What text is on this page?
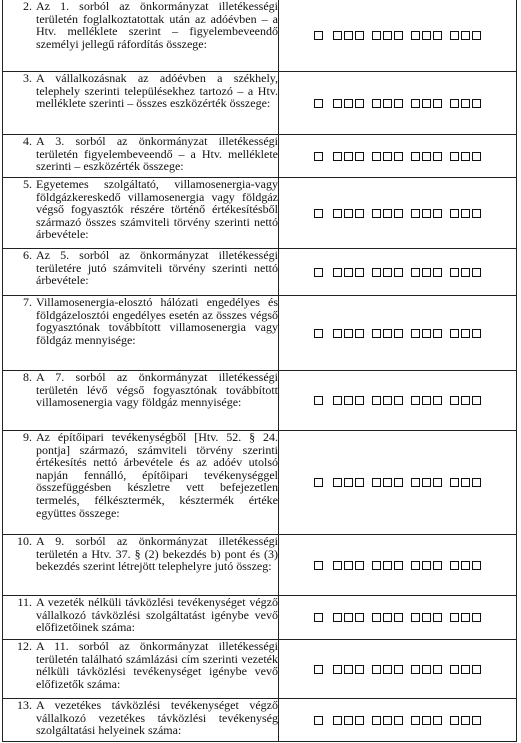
2. Az 1. sorból az önkormányzat illetékességi területén foglalkoztatottak után az adóévben – a Htv. melléklete szerint – figyelembeveendő személyi jellegű ráfordítás összege:
3. A vállalkozásnak az adóévben a székhely, telephely szerinti településekhez tartozó – a Htv. melléklete szerinti – összes eszközérték összege:
4. A 3. sorból az önkormányzat illetékességi területén figyelembeveendő – a Htv. melléklete szerinti – eszközérték összege:
5. Egyetemes szolgáltató, villamosenergia-vagy földgázkereskedő villamosenergia vagy földgáz végső fogyasztók részére történő értékesítésből származó összes számviteli törvény szerinti nettó árbevétele:
6. Az 5. sorból az önkormányzat illetékességi területére jutó számviteli törvény szerinti nettó árbevétele:
7. Villamosenergia-elosztó hálózati engedélyes és földgázelosztói engedélyes esetén az összes végső fogyasztónak továbbított villamosenergia vagy földgáz mennyisége:
8. A 7. sorból az önkormányzat illetékességi területén lévő végső fogyasztónak továbbított villamosenergia vagy földgáz mennyisége:
9. Az építőipari tevékenységből [Htv. 52. § 24. pontja] származó, számviteli törvény szerinti értékesítés nettó árbevétele és az adóév utolsó napján fennálló, építőipari tevékenységgel összefüggésben készletre vett befejezetlen termelés, félkésztermék, késztermék értéke együttes összege:
10. A 9. sorból az önkormányzat illetékességi területén a Htv. 37. § (2) bekezdés b) pont és (3) bekezdés szerint létrejött telephelyre jutó összeg:
11. A vezeték nélküli távközlési tevékenységet végző vállalkozó távközlési szolgáltatást igénybe vevő előfizetőinek száma:
12. A 11. sorból az önkormányzat illetékességi területén található számlázási cím szerinti vezeték nélküli távközlési tevékenységet igénybe vevő előfizetők száma:
13. A vezetékes távközlési tevékenységet végző vállalkozó vezetékes távközlési tevékenység szolgáltatási helyeinek száma:
